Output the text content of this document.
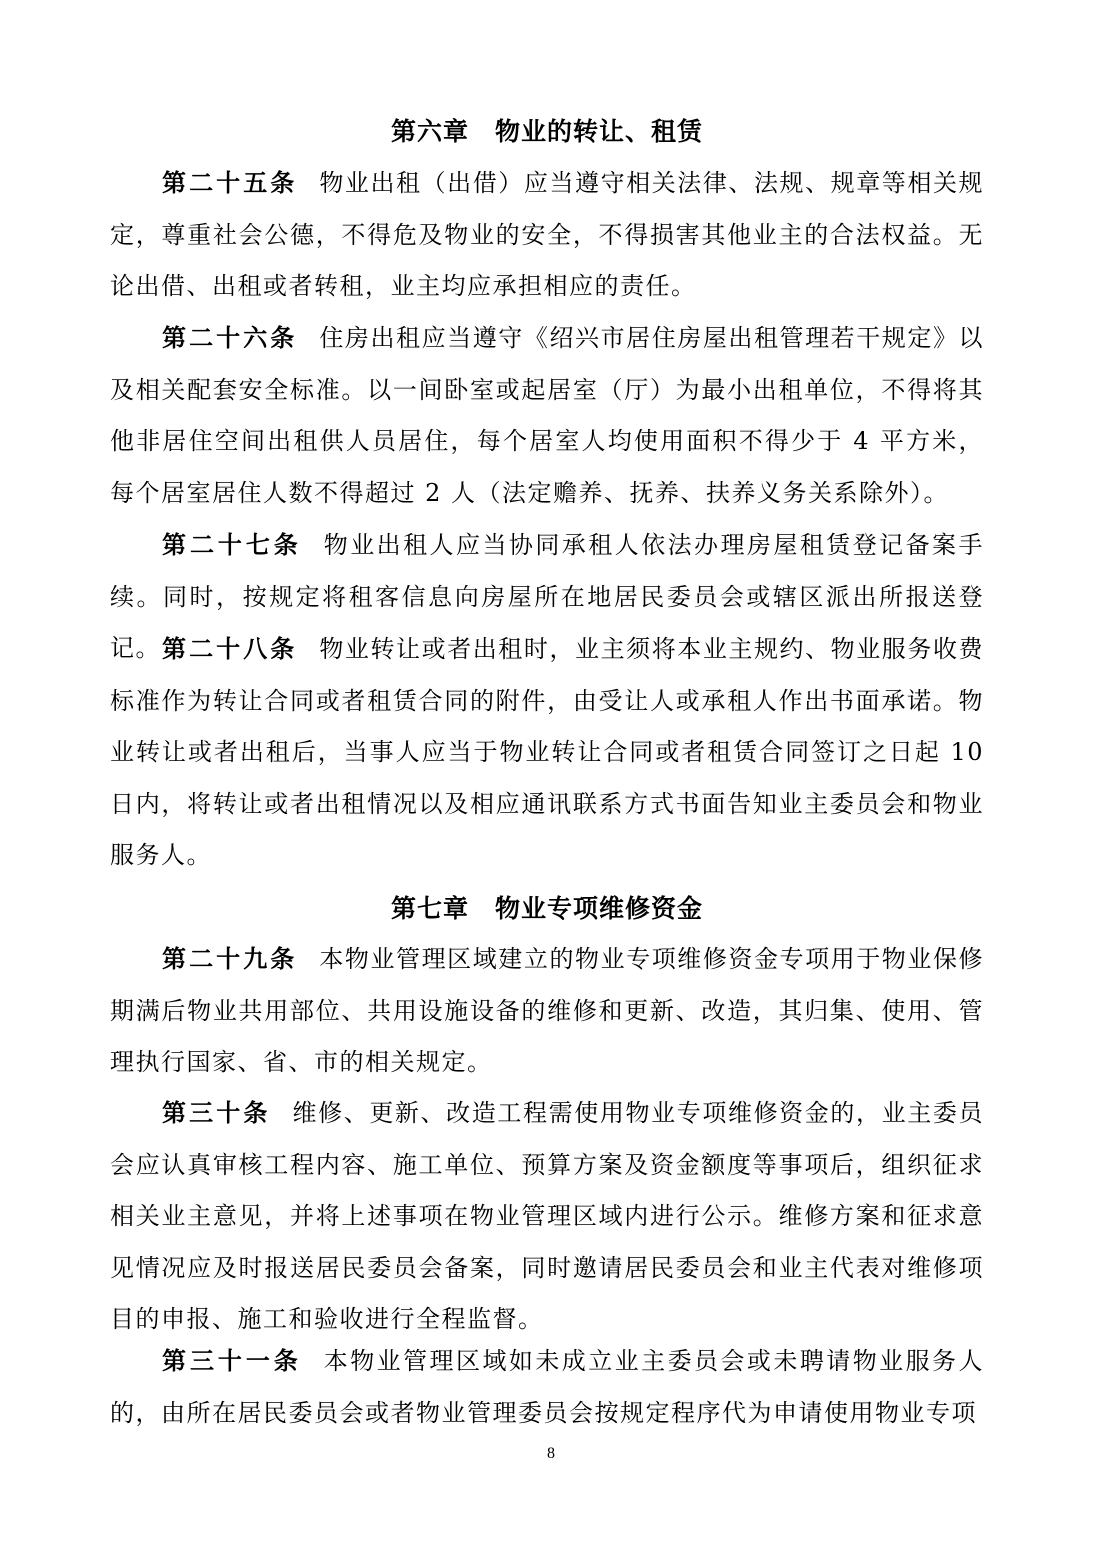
第六章　物业的转让、租赁

第二十五条 物业出租（出借）应当遵守相关法律、法规、规章等相关规定，尊重社会公德，不得危及物业的安全，不得损害其他业主的合法权益。无论出借、出租或者转租，业主均应承担相应的责任。

第二十六条 住房出租应当遵守《绍兴市居住房屋出租管理若干规定》以及相关配套安全标准。以一间卧室或起居室（厅）为最小出租单位，不得将其他非居住空间出租供人员居住，每个居室人均使用面积不得少于 4 平方米，每个居室居住人数不得超过 2 人（法定赡养、抚养、扶养义务关系除外）。

第二十七条 物业出租人应当协同承租人依法办理房屋租赁登记备案手续。同时，按规定将租客信息向房屋所在地居民委员会或辖区派出所报送登记。 第二十八条 物业转让或者出租时，业主须将本业主规约、物业服务收费标准作为转让合同或者租赁合同的附件，由受让人或承租人作出书面承诺。物业转让或者出租后，当事人应当于物业转让合同或者租赁合同签订之日起 10 日内，将转让或者出租情况以及相应通讯联系方式书面告知业主委员会和物业服务人。

第七章　物业专项维修资金

第二十九条 本物业管理区域建立的物业专项维修资金专项用于物业保修期满后物业共用部位、共用设施设备的维修和更新、改造，其归集、使用、管理执行国家、省、市的相关规定。

第三十条 维修、更新、改造工程需使用物业专项维修资金的，业主委员会应认真审核工程内容、施工单位、预算方案及资金额度等事项后，组织征求相关业主意见，并将上述事项在物业管理区域内进行公示。维修方案和征求意见情况应及时报送居民委员会备案，同时邀请居民委员会和业主代表对维修项目的申报、施工和验收进行全程监督。

第三十一条 本物业管理区域如未成立业主委员会或未聘请物业服务人的，由所在居民委员会或者物业管理委员会按规定程序代为申请使用物业专项

8
